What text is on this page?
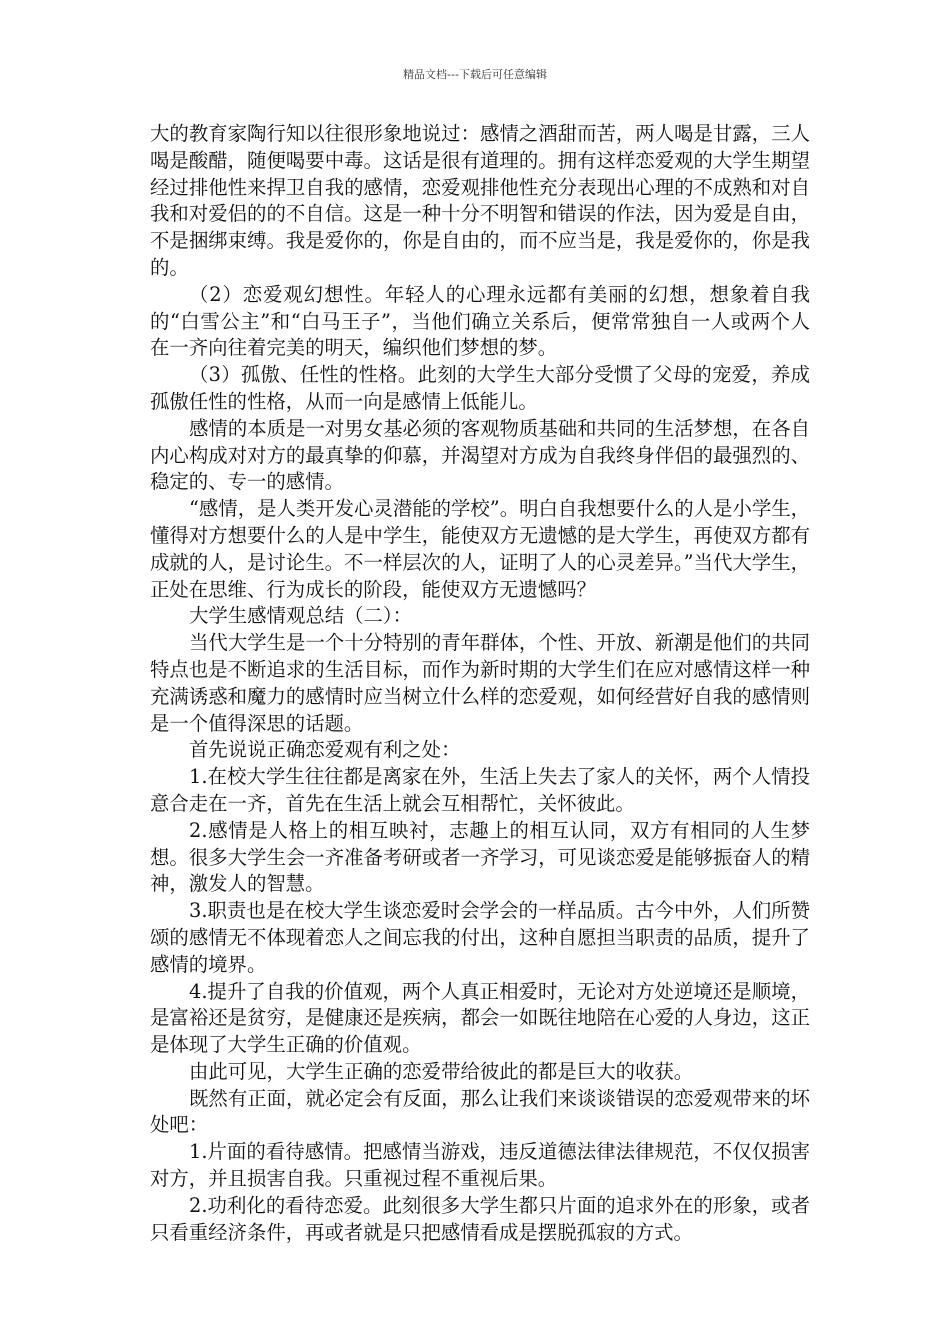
精品文档---下载后可任意编辑

大的教育家陶行知以往很形象地说过：感情之酒甜而苦，两人喝是甘露，三人喝是酸醋，随便喝要中毒。这话是很有道理的。拥有这样恋爱观的大学生期望经过排他性来捍卫自我的感情，恋爱观排他性充分表现出心理的不成熟和对自我和对爱侣的的不自信。这是一种十分不明智和错误的作法，因为爱是自由，不是捆绑束缚。我是爱你的，你是自由的，而不应当是，我是爱你的，你是我的。

（2）恋爱观幻想性。年轻人的心理永远都有美丽的幻想，想象着自我的“白雪公主”和“白马王子”，当他们确立关系后，便常常独自一人或两个人在一齐向往着完美的明天，编织他们梦想的梦。

（3）孤傲、任性的性格。此刻的大学生大部分受惯了父母的宠爱，养成孤傲任性的性格，从而一向是感情上低能儿。

感情的本质是一对男女基必须的客观物质基础和共同的生活梦想，在各自内心构成对对方的最真挚的仰慕，并渴望对方成为自我终身伴侣的最强烈的、稳定的、专一的感情。

“感情，是人类开发心灵潜能的学校”。明白自我想要什么的人是小学生，懂得对方想要什么的人是中学生，能使双方无遗憾的是大学生，再使双方都有成就的人，是讨论生。不一样层次的人，证明了人的心灵差异。”当代大学生，正处在思维、行为成长的阶段，能使双方无遗憾吗？

大学生感情观总结（二）：

当代大学生是一个十分特别的青年群体，个性、开放、新潮是他们的共同特点也是不断追求的生活目标，而作为新时期的大学生们在应对感情这样一种充满诱惑和魔力的感情时应当树立什么样的恋爱观，如何经营好自我的感情则是一个值得深思的话题。

首先说说正确恋爱观有利之处：

1.在校大学生往往都是离家在外，生活上失去了家人的关怀，两个人情投意合走在一齐，首先在生活上就会互相帮忙，关怀彼此。

2.感情是人格上的相互映衬，志趣上的相互认同，双方有相同的人生梦想。很多大学生会一齐准备考研或者一齐学习，可见谈恋爱是能够振奋人的精神，激发人的智慧。

3.职责也是在校大学生谈恋爱时会学会的一样品质。古今中外，人们所赞颂的感情无不体现着恋人之间忘我的付出，这种自愿担当职责的品质，提升了感情的境界。

4.提升了自我的价值观，两个人真正相爱时，无论对方处逆境还是顺境，是富裕还是贫穷，是健康还是疾病，都会一如既往地陪在心爱的人身边，这正是体现了大学生正确的价值观。

由此可见，大学生正确的恋爱带给彼此的都是巨大的收获。

既然有正面，就必定会有反面，那么让我们来谈谈错误的恋爱观带来的坏处吧：

1.片面的看待感情。把感情当游戏，违反道德法律法律规范，不仅仅损害对方，并且损害自我。只重视过程不重视后果。

2.功利化的看待恋爱。此刻很多大学生都只片面的追求外在的形象，或者只看重经济条件，再或者就是只把感情看成是摆脱孤寂的方式。
